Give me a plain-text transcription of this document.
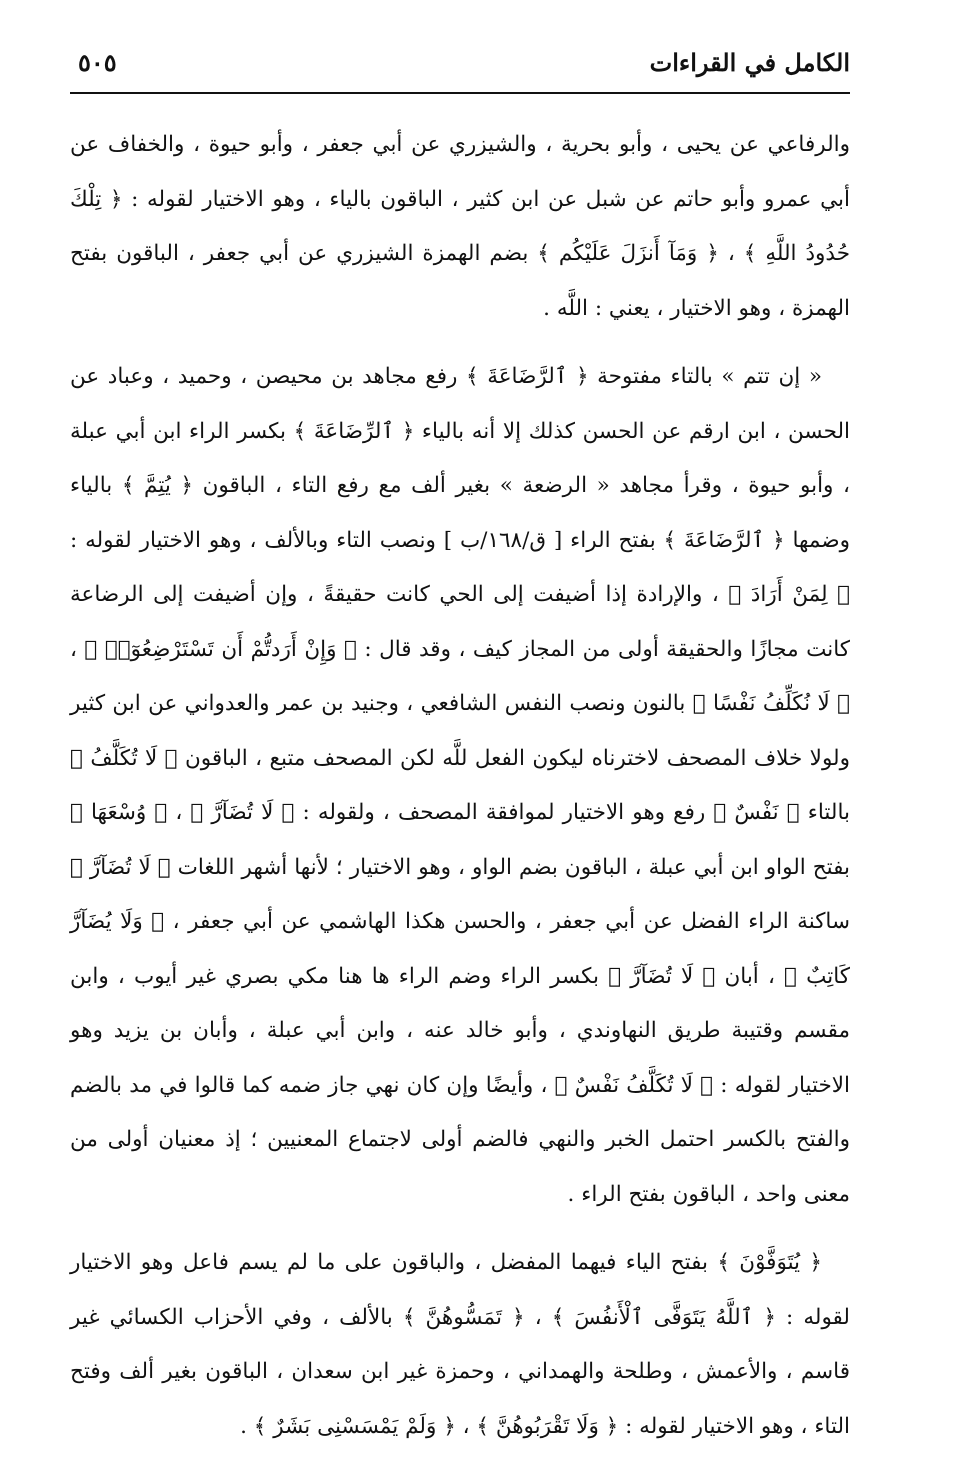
الكامل في القراءات
٥٠٥

والرفاعي عن يحيى ، وأبو بحرية ، والشيزري عن أبي جعفر ، وأبو حيوة ، والخفاف عن أبي عمرو وأبو حاتم عن شبل عن ابن كثير ، الباقون بالياء ، وهو الاختيار لقوله : ﴿ تِلْكَ حُدُودُ اللَّهِ ﴾ ، ﴿ وَمَآ أَنزَلَ عَلَيْكُم ﴾ بضم الهمزة الشيزري عن أبي جعفر ، الباقون بفتح الهمزة ، وهو الاختيار ، يعني : اللَّه .

« إن تتم » بالتاء مفتوحة ﴿ ٱلرَّضَاعَةَ ﴾ رفع مجاهد بن محيصن ، وحميد ، وعباد عن الحسن ، ابن ارقم عن الحسن كذلك إلا أنه بالياء ﴿ ٱلرِّضَاعَةَ ﴾ بكسر الراء ابن أبي عبلة ، وأبو حيوة ، وقرأ مجاهد « الرضعة » بغير ألف مع رفع التاء ، الباقون ﴿ يُتِمَّ ﴾ بالياء وضمها ﴿ ٱلرَّضَاعَةَ ﴾ بفتح الراء [ ق/١٦٨/ب ] ونصب التاء وبالألف ، وهو الاختيار لقوله : ﴿ لِمَنْ أَرَادَ ﴾ ، والإرادة إذا أضيفت إلى الحي كانت حقيقةً ، وإن أضيفت إلى الرضاعة كانت مجازًا والحقيقة أولى من المجاز كيف ، وقد قال : ﴿ وَإِنْ أَرَدتُّمْ أَن تَسْتَرْضِعُوٓا۟ ﴾ ، ﴿ لَا نُكَلِّفُ نَفْسًا ﴾ بالنون ونصب النفس الشافعي ، وجنيد بن عمر والعدواني عن ابن كثير ولولا خلاف المصحف لاخترناه ليكون الفعل للَّه لكن المصحف متبع ، الباقون ﴿ لَا تُكَلَّفُ ﴾ بالتاء ﴿ نَفْسٌ ﴾ رفع وهو الاختيار لموافقة المصحف ، ولقوله : ﴿ لَا تُضَآرَّ ﴾ ، ﴿ وُسْعَهَا ﴾ بفتح الواو ابن أبي عبلة ، الباقون بضم الواو ، وهو الاختيار ؛ لأنها أشهر اللغات ﴿ لَا تُضَآرَّ ﴾ ساكنة الراء الفضل عن أبي جعفر ، والحسن هكذا الهاشمي عن أبي جعفر ، ﴿ وَلَا يُضَآرَّ كَاتِبٌ ﴾ ، أبان ﴿ لَا تُضَآرَّ ﴾ بكسر الراء وضم الراء ها هنا مكي بصري غير أيوب ، وابن مقسم وقتيبة طريق النهاوندي ، وأبو خالد عنه ، وابن أبي عبلة ، وأبان بن يزيد وهو الاختيار لقوله : ﴿ لَا تُكَلَّفُ نَفْسٌ ﴾ ، وأيضًا وإن كان نهي جاز ضمه كما قالوا في مد بالضم والفتح بالكسر احتمل الخبر والنهي فالضم أولى لاجتماع المعنيين ؛ إذ معنيان أولى من معنى واحد ، الباقون بفتح الراء .

﴿ يُتَوَفَّوْنَ ﴾ بفتح الياء فيهما المفضل ، والباقون على ما لم يسم فاعل وهو الاختيار لقوله : ﴿ ٱللَّهُ يَتَوَفَّى ٱلْأَنفُسَ ﴾ ، ﴿ تَمَسُّوهُنَّ ﴾ بالألف ، وفي الأحزاب الكسائي غير قاسم ، والأعمش ، وطلحة والهمداني ، وحمزة غير ابن سعدان ، الباقون بغير ألف وفتح التاء ، وهو الاختيار لقوله : ﴿ وَلَا تَقْرَبُوهُنَّ ﴾ ، ﴿ وَلَمْ يَمْسَسْنِى بَشَرٌ ﴾ .
